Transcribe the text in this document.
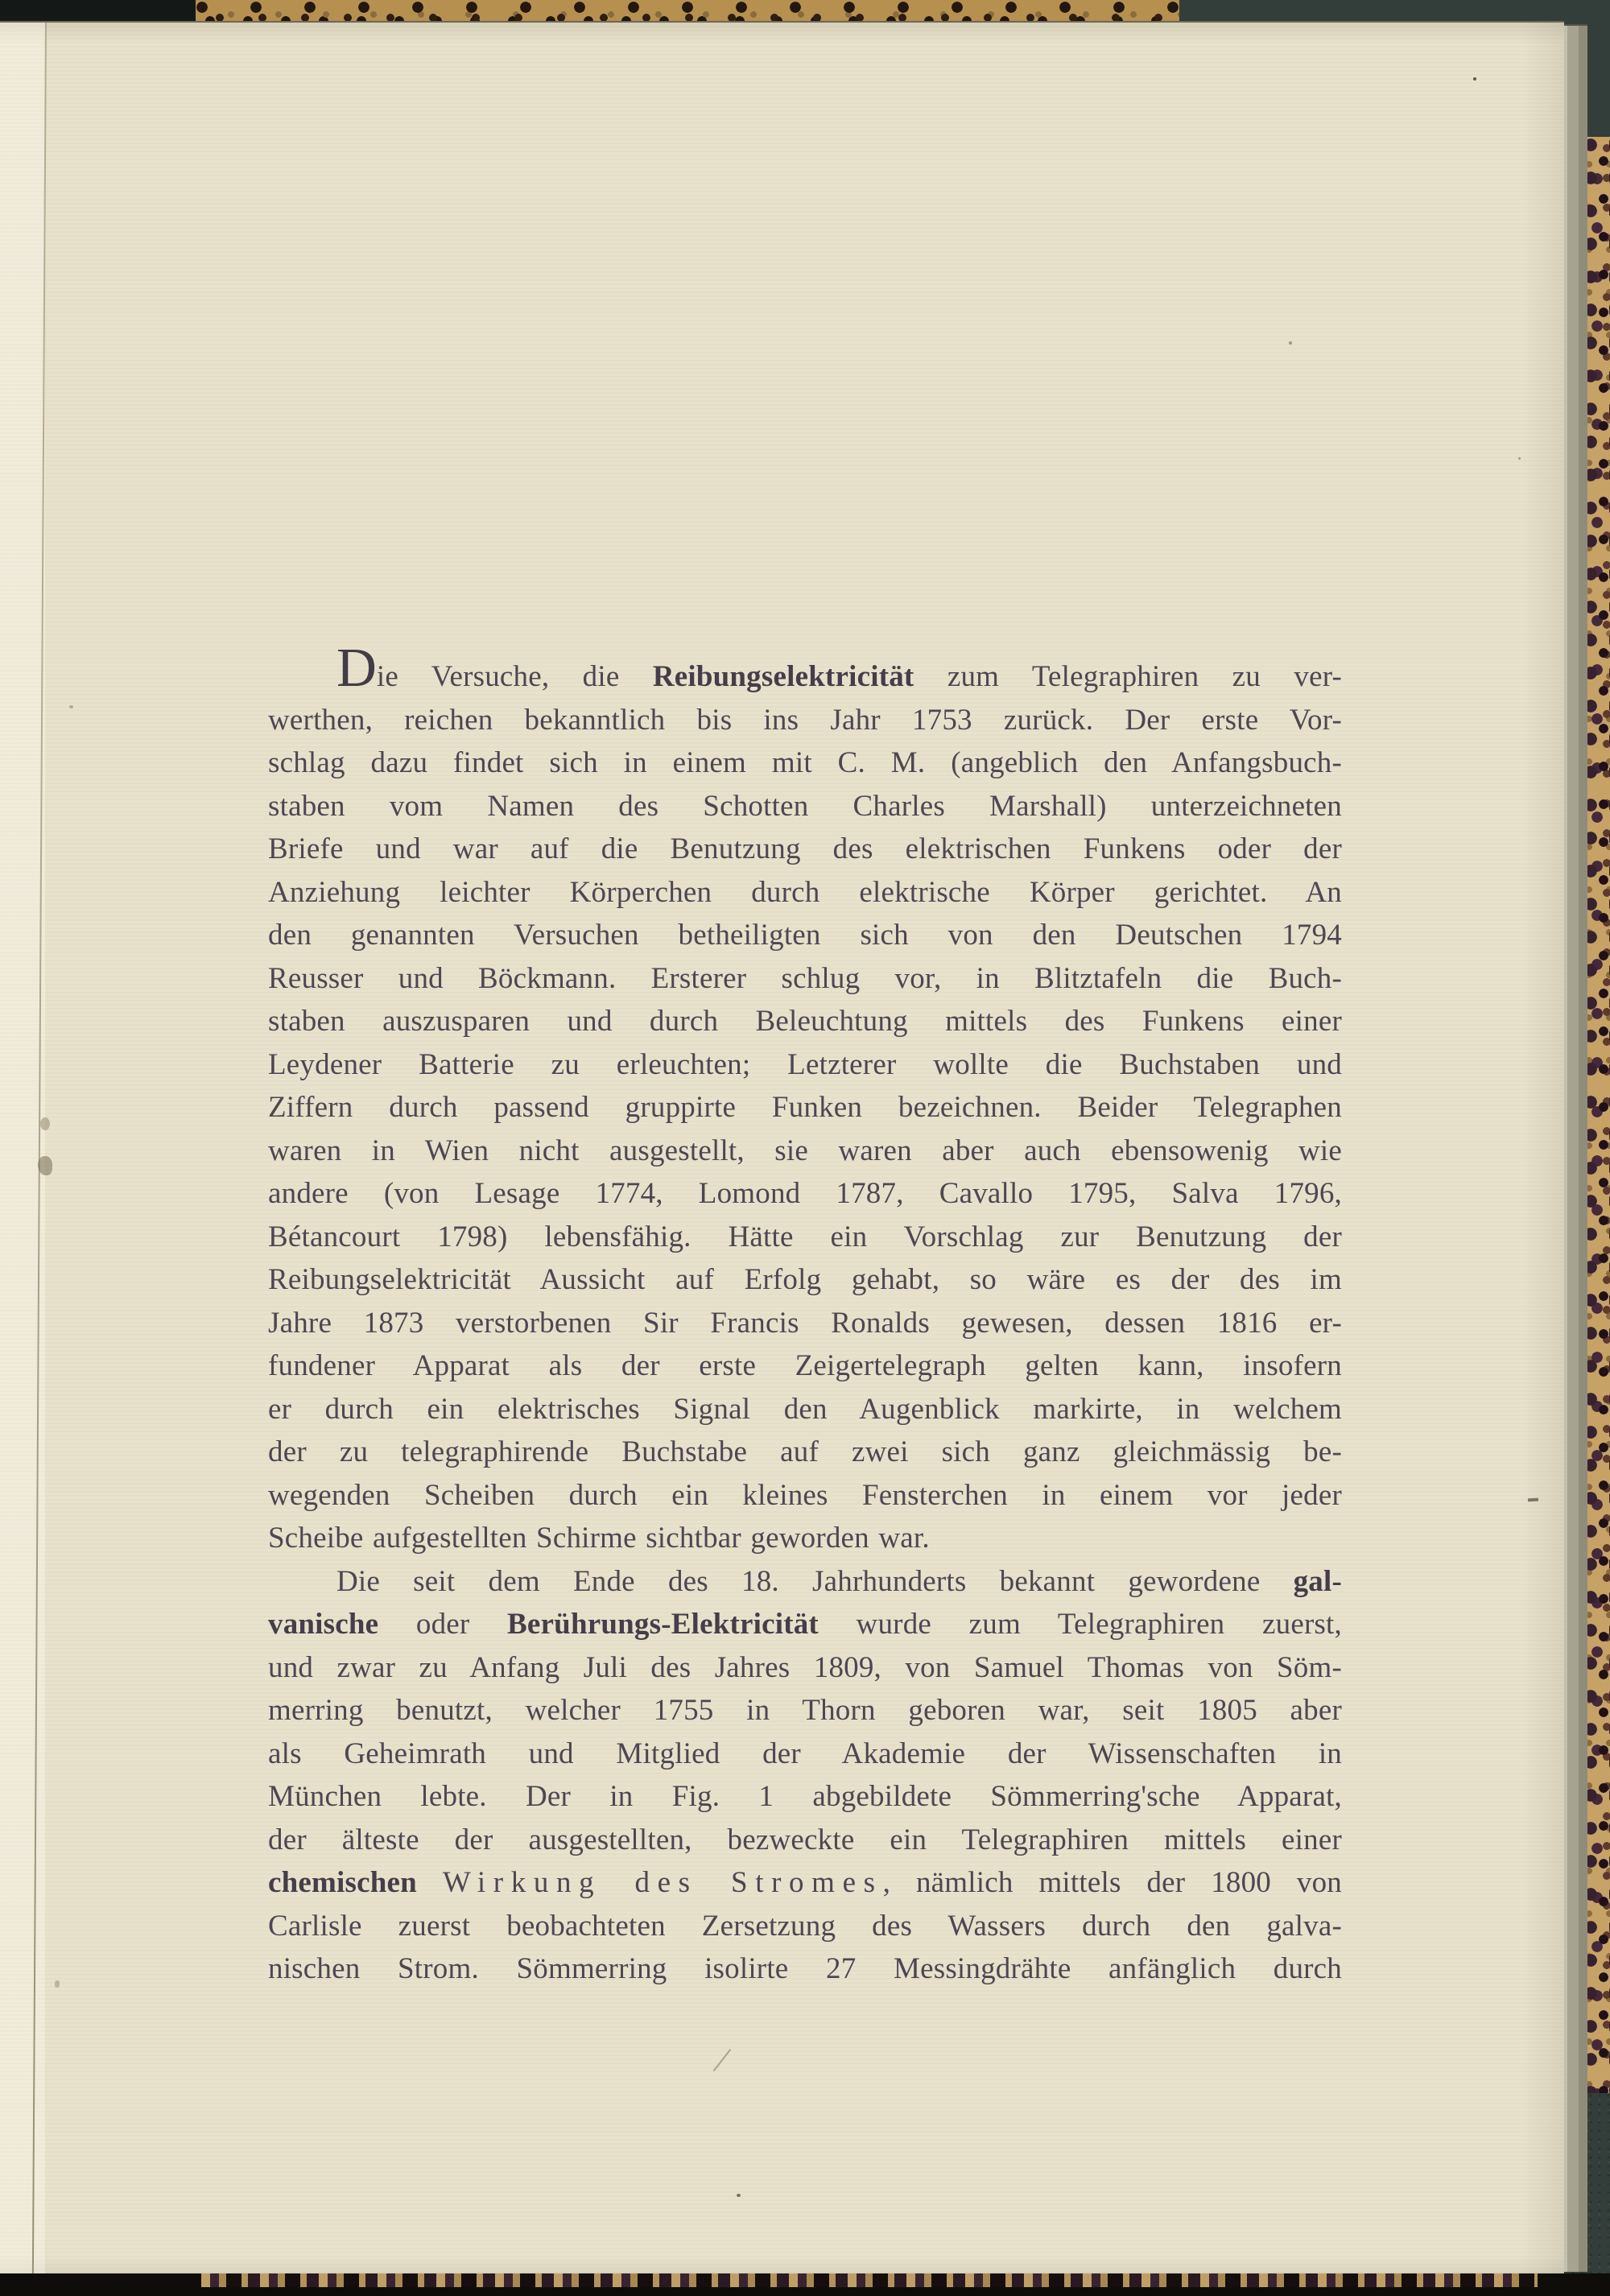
Die Versuche, die Reibungselektricität zum Telegraphiren zu ver-
werthen, reichen bekanntlich bis ins Jahr 1753 zurück. Der erste Vor-
schlag dazu findet sich in einem mit C. M. (angeblich den Anfangsbuch-
staben vom Namen des Schotten Charles Marshall) unterzeichneten
Briefe und war auf die Benutzung des elektrischen Funkens oder der
Anziehung leichter Körperchen durch elektrische Körper gerichtet. An
den genannten Versuchen betheiligten sich von den Deutschen 1794
Reusser und Böckmann. Ersterer schlug vor, in Blitztafeln die Buch-
staben auszusparen und durch Beleuchtung mittels des Funkens einer
Leydener Batterie zu erleuchten; Letzterer wollte die Buchstaben und
Ziffern durch passend gruppirte Funken bezeichnen. Beider Telegraphen
waren in Wien nicht ausgestellt, sie waren aber auch ebensowenig wie
andere (von Lesage 1774, Lomond 1787, Cavallo 1795, Salva 1796,
Bétancourt 1798) lebensfähig. Hätte ein Vorschlag zur Benutzung der
Reibungselektricität Aussicht auf Erfolg gehabt, so wäre es der des im
Jahre 1873 verstorbenen Sir Francis Ronalds gewesen, dessen 1816 er-
fundener Apparat als der erste Zeigertelegraph gelten kann, insofern
er durch ein elektrisches Signal den Augenblick markirte, in welchem
der zu telegraphirende Buchstabe auf zwei sich ganz gleichmässig be-
wegenden Scheiben durch ein kleines Fensterchen in einem vor jeder
Scheibe aufgestellten Schirme sichtbar geworden war.
Die seit dem Ende des 18. Jahrhunderts bekannt gewordene gal-
vanische oder Berührungs-Elektricität wurde zum Telegraphiren zuerst,
und zwar zu Anfang Juli des Jahres 1809, von Samuel Thomas von Söm-
merring benutzt, welcher 1755 in Thorn geboren war, seit 1805 aber
als Geheimrath und Mitglied der Akademie der Wissenschaften in
München lebte. Der in Fig. 1 abgebildete Sömmerring'sche Apparat,
der älteste der ausgestellten, bezweckte ein Telegraphiren mittels einer
chemischen Wirkung des Stromes, nämlich mittels der 1800 von
Carlisle zuerst beobachteten Zersetzung des Wassers durch den galva-
nischen Strom. Sömmerring isolirte 27 Messingdrähte anfänglich durch
